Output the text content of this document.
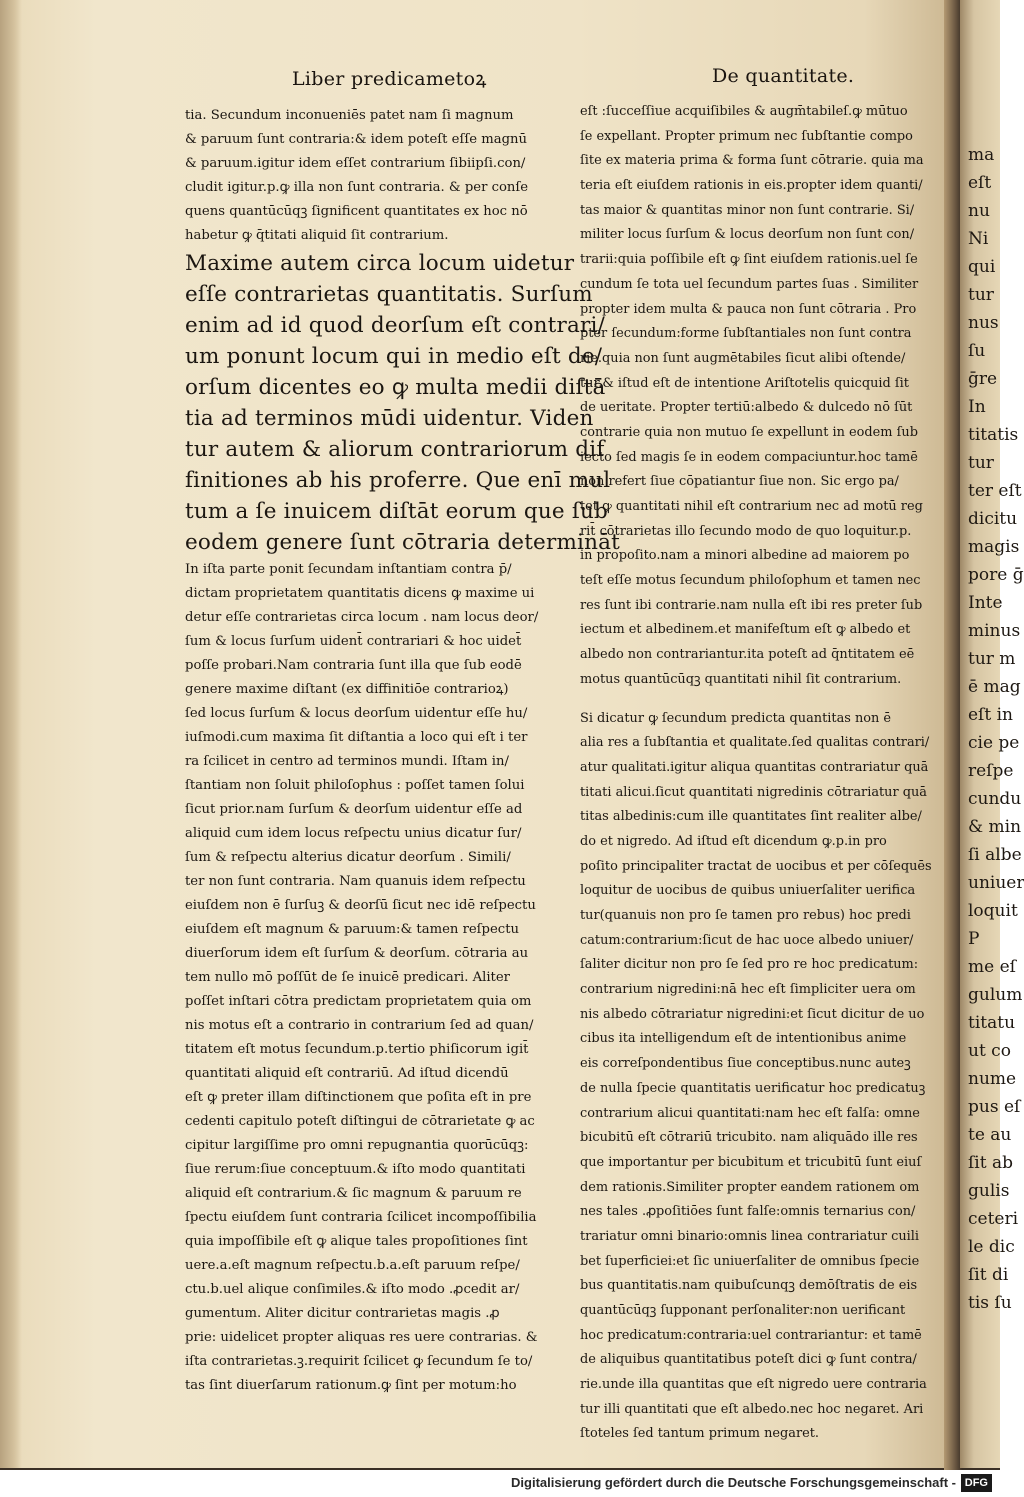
Liber predicametoꝝ	De quantitate.
tia. Secundum inconueniēs patet nam ſi magnum
& paruum ſunt contraria:& idem poteſt eſſe magnū
& paruum.igitur idem eſſet contrarium ſibiipſi.con/
cludit igitur.p.ꝙ illa non ſunt contraria. & per conſe
quens quantūcūqꝫ ſignificent quantitates ex hoc nō
habetur ꝙ q̄titati aliquid ſit contrarium.
Maxime autem circa locum uidetur
eſſe contrarietas quantitatis. Surſum
enim ad id quod deorſum eſt contrari/
um ponunt locum qui in medio eſt de/
orſum dicentes eo ꝙ multa medii diſtā
tia ad terminos mūdi uidentur. Viden
tur autem & aliorum contrariorum dif
finitiones ab his proferre. Que enī mul
tum a ſe inuicem diſtāt eorum que ſub
eodem genere ſunt cōtraria determināt
In iſta parte ponit ſecundam inſtantiam contra p̄/
dictam proprietatem quantitatis dicens ꝙ maxime ui
detur eſſe contrarietas circa locum . nam locus deor/
ſum & locus ſurſum uident̄ contrariari & hoc uidet̄
poſſe probari.Nam contraria ſunt illa que ſub eodē
genere maxime diſtant (ex diffinitiōe contrarioꝝ)
ſed locus ſurſum & locus deorſum uidentur eſſe hu/
iuſmodi.cum maxima ſit diſtantia a loco qui eſt i ter
ra ſcilicet in centro ad terminos mundi. Iſtam in/
ſtantiam non ſoluit philoſophus : poſſet tamen ſolui
ſicut prior.nam ſurſum & deorſum uidentur eſſe ad
aliquid cum idem locus reſpectu unius dicatur ſur/
ſum & reſpectu alterius dicatur deorſum . Simili/
ter non ſunt contraria. Nam quanuis idem reſpectu
eiuſdem non ē ſurſuꝫ & deorſū ſicut nec idē reſpectu
eiuſdem eſt magnum & paruum:& tamen reſpectu
diuerſorum idem eſt ſurſum & deorſum. cōtraria au
tem nullo mō poſſūt de ſe inuicē predicari. Aliter
poſſet inſtari cōtra predictam proprietatem quia om
nis motus eſt a contrario in contrarium ſed ad quan/
titatem eſt motus ſecundum.p.tertio phiſicorum igit̄
quantitati aliquid eſt contrariū. Ad iſtud dicendū
eſt ꝙ preter illam diſtinctionem que poſita eſt in pre
cedenti capitulo poteſt diſtingui de cōtrarietate ꝙ ac
cipitur largiſſime pro omni repugnantia quorūcūqꝫ:
ſiue rerum:ſiue conceptuum.& iſto modo quantitati
aliquid eſt contrarium.& ſic magnum & paruum re
ſpectu eiuſdem ſunt contraria ſcilicet incompoſſibilia
quia impoſſibile eſt ꝙ alique tales propoſitiones ſint
uere.a.eſt magnum reſpectu.b.a.eſt paruum reſpe/
ctu.b.uel alique conſimiles.& iſto modo .ꝓcedit ar/
gumentum. Aliter dicitur contrarietas magis .ꝓ
prie: uidelicet propter aliquas res uere contrarias. &
iſta contrarietas.ꝫ.requirit ſcilicet ꝙ ſecundum ſe to/
tas ſint diuerſarum rationum.ꝙ ſint per motum:ho
eſt :ſucceſſiue acquiſibiles & augm̄tabileſ.ꝙ mūtuo
ſe expellant. Propter primum nec ſubſtantie compo
ſite ex materia prima & forma ſunt cōtrarie. quia ma
teria eſt eiuſdem rationis in eis.propter idem quanti/
tas maior & quantitas minor non ſunt contrarie. Si/
militer locus ſurſum & locus deorſum non ſunt con/
trarii:quia poſſibile eſt ꝙ ſint eiuſdem rationis.uel ſe
cundum ſe tota uel ſecundum partes ſuas . Similiter
propter idem multa & pauca non ſunt cōtraria . Pro
pter ſecundum:forme ſubſtantiales non ſunt contra
rie.quia non ſunt augmētabiles ſicut alibi oſtende/
tur.& iſtud eſt de intentione Ariſtotelis quicquid ſit
de ueritate. Propter tertiū:albedo & dulcedo nō ſūt
contrarie quia non mutuo ſe expellunt in eodem ſub
iecto ſed magis ſe in eodem compaciuntur.hoc tamē
non refert ſiue cōpatiantur ſiue non. Sic ergo pa/
tet ꝙ quantitati nihil eſt contrarium nec ad motū reg
rit̄ cōtrarietas illo ſecundo modo de quo loquitur.p.
in propoſito.nam a minori albedine ad maiorem po
teſt eſſe motus ſecundum philoſophum et tamen nec
res ſunt ibi contrarie.nam nulla eſt ibi res preter ſub
iectum et albedinem.et manifeſtum eſt ꝙ albedo et
albedo non contrariantur.ita poteſt ad q̄ntitatem eē
motus quantūcūqꝫ quantitati nihil ſit contrarium.
Si dicatur ꝙ ſecundum predicta quantitas non ē
alia res a ſubſtantia et qualitate.ſed qualitas contrari/
atur qualitati.igitur aliqua quantitas contrariatur quā
titati alicui.ſicut quantitati nigredinis cōtrariatur quā
titas albedinis:cum ille quantitates ſint realiter albe/
do et nigredo. Ad iſtud eſt dicendum ꝙ.p.in pro
poſito principaliter tractat de uocibus et per cōſequēs
loquitur de uocibus de quibus uniuerſaliter uerifica
tur(quanuis non pro ſe tamen pro rebus) hoc predi
catum:contrarium:ſicut de hac uoce albedo uniuer/
ſaliter dicitur non pro ſe ſed pro re hoc predicatum:
contrarium nigredini:nā hec eſt ſimpliciter uera om
nis albedo cōtrariatur nigredini:et ſicut dicitur de uo
cibus ita intelligendum eſt de intentionibus anime
eis correſpondentibus ſiue conceptibus.nunc auteꝫ
de nulla ſpecie quantitatis uerificatur hoc predicatuꝫ
contrarium alicui quantitati:nam hec eſt falſa: omne
bicubitū eſt cōtrariū tricubito. nam aliquādo ille res
que importantur per bicubitum et tricubitū ſunt eiuſ
dem rationis.Similiter propter eandem rationem om
nes tales .ꝓpoſitiōes ſunt falſe:omnis ternarius con/
trariatur omni binario:omnis linea contrariatur cuili
bet ſuperficiei:et ſic uniuerſaliter de omnibus ſpecie
bus quantitatis.nam quibuſcunqꝫ demōſtratis de eis
quantūcūqꝫ ſupponant perſonaliter:non uerificant
hoc predicatum:contraria:uel contrariantur: et tamē
de aliquibus quantitatibus poteſt dici ꝙ ſunt contra/
rie.unde illa quantitas que eſt nigredo uere contraria
tur illi quantitati que eſt albedo.nec hoc negaret. Ari
ſtoteles ſed tantum primum negaret.
ma
eſt
nu
Ni
qui
tur
nus
ſu
ḡre
In
titatis
tur
ter eſt
dicitu
magis
pore ḡ
Inte
minus
tur m
ē mag
eſt in
cie pe
reſpe
cundu
& min
ſi albe
uniuer
loquit
P
me eſ
gulum
titatu
ut co
nume
pus eſ
te au
ſit ab
gulis
ceteri
le dic
ſit di
tis ſu
Digitalisierung gefördert durch die Deutsche Forschungsgemeinschaft - DFG
